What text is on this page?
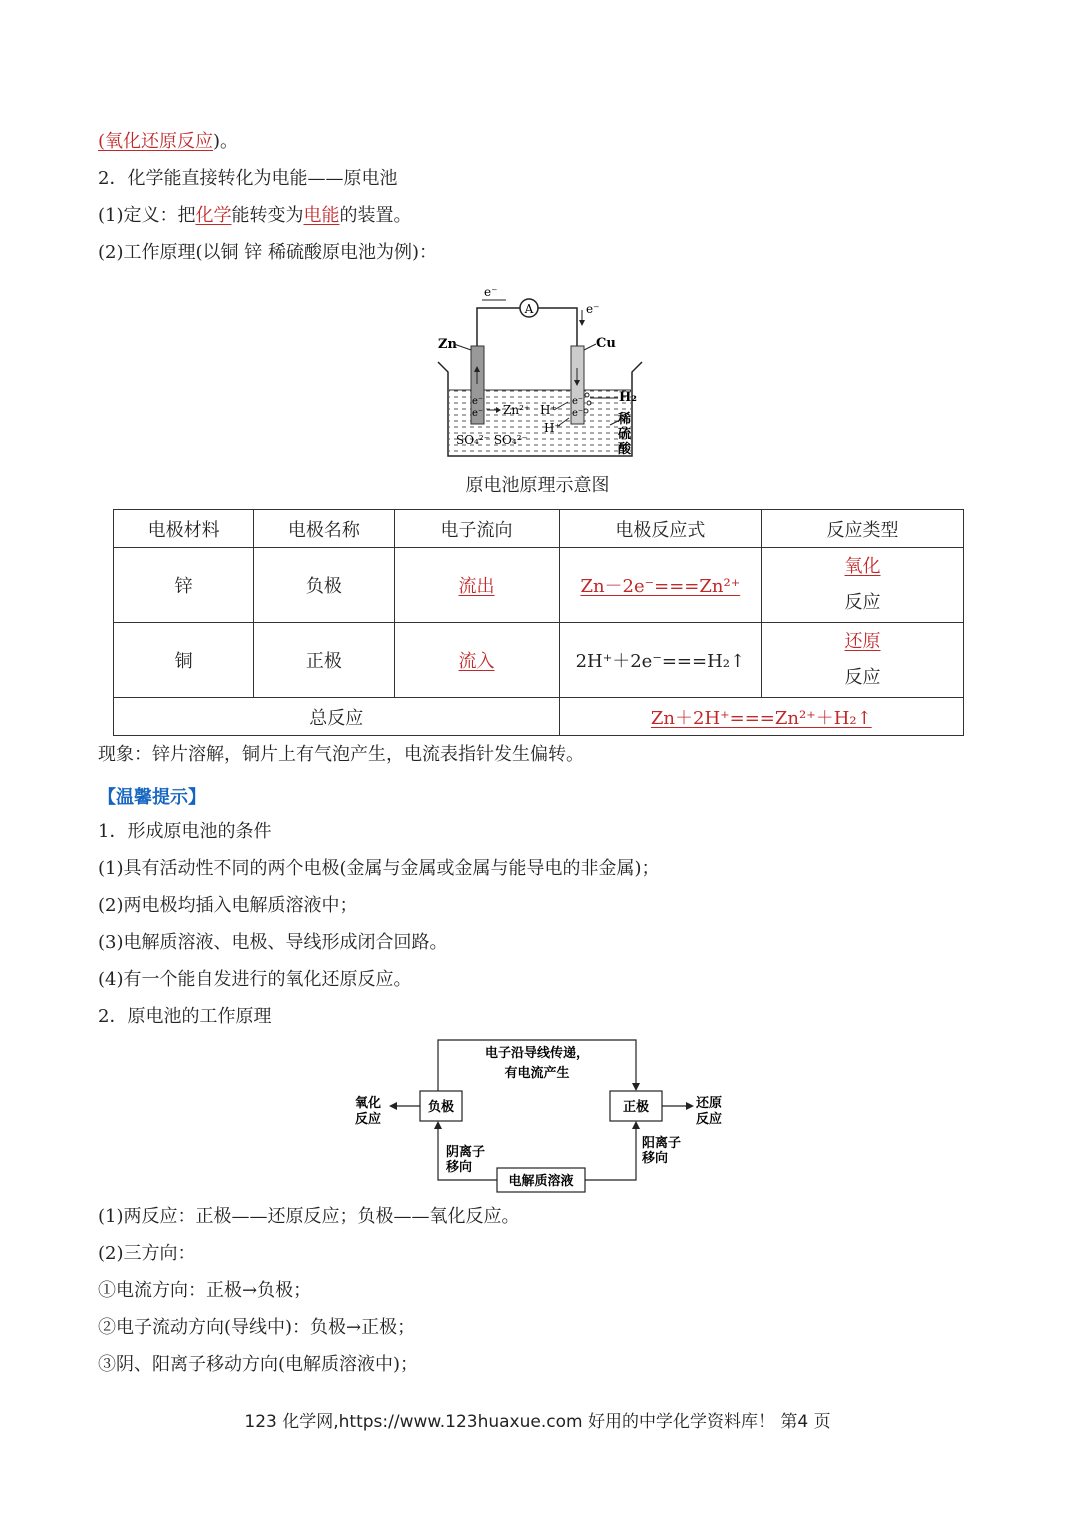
(氧化还原反应)。
2．化学能直接转化为电能——原电池
(1)定义：把化学能转变为电能的装置。
(2)工作原理(以铜 锌 稀硫酸原电池为例)：
A
e⁻
e⁻
Zn	Cu
e⁻
e⁻
e⁻
e⁻
Zn²⁺ H⁺
H⁺
SO₄²⁻ SO₄²⁻
H₂
稀
硫
酸
原电池原理示意图
电极材料	电极名称	电子流向	电极反应式	反应类型
锌	负极	流出	Zn－2e⁻===Zn²⁺	氧化
反应
铜	正极	流入	2H⁺＋2e⁻===H₂↑	还原
反应
总反应			Zn＋2H⁺===Zn²⁺＋H₂↑	
现象：锌片溶解，铜片上有气泡产生，电流表指针发生偏转。
【温馨提示】
1．形成原电池的条件
(1)具有活动性不同的两个电极(金属与金属或金属与能导电的非金属)；
(2)两电极均插入电解质溶液中；
(3)电解质溶液、电极、导线形成闭合回路。
(4)有一个能自发进行的氧化还原反应。
2．原电池的工作原理
电子沿导线传递，
有电流产生
负极	正极
氧化
反应
还原
反应
电解质溶液
阴离子
移向
阳离子
移向
(1)两反应：正极——还原反应；负极——氧化反应。
(2)三方向：
①电流方向：正极→负极；
②电子流动方向(导线中)：负极→正极；
③阴、阳离子移动方向(电解质溶液中)；
123 化学网,https://www.123huaxue.com 好用的中学化学资料库！ 第4 页
